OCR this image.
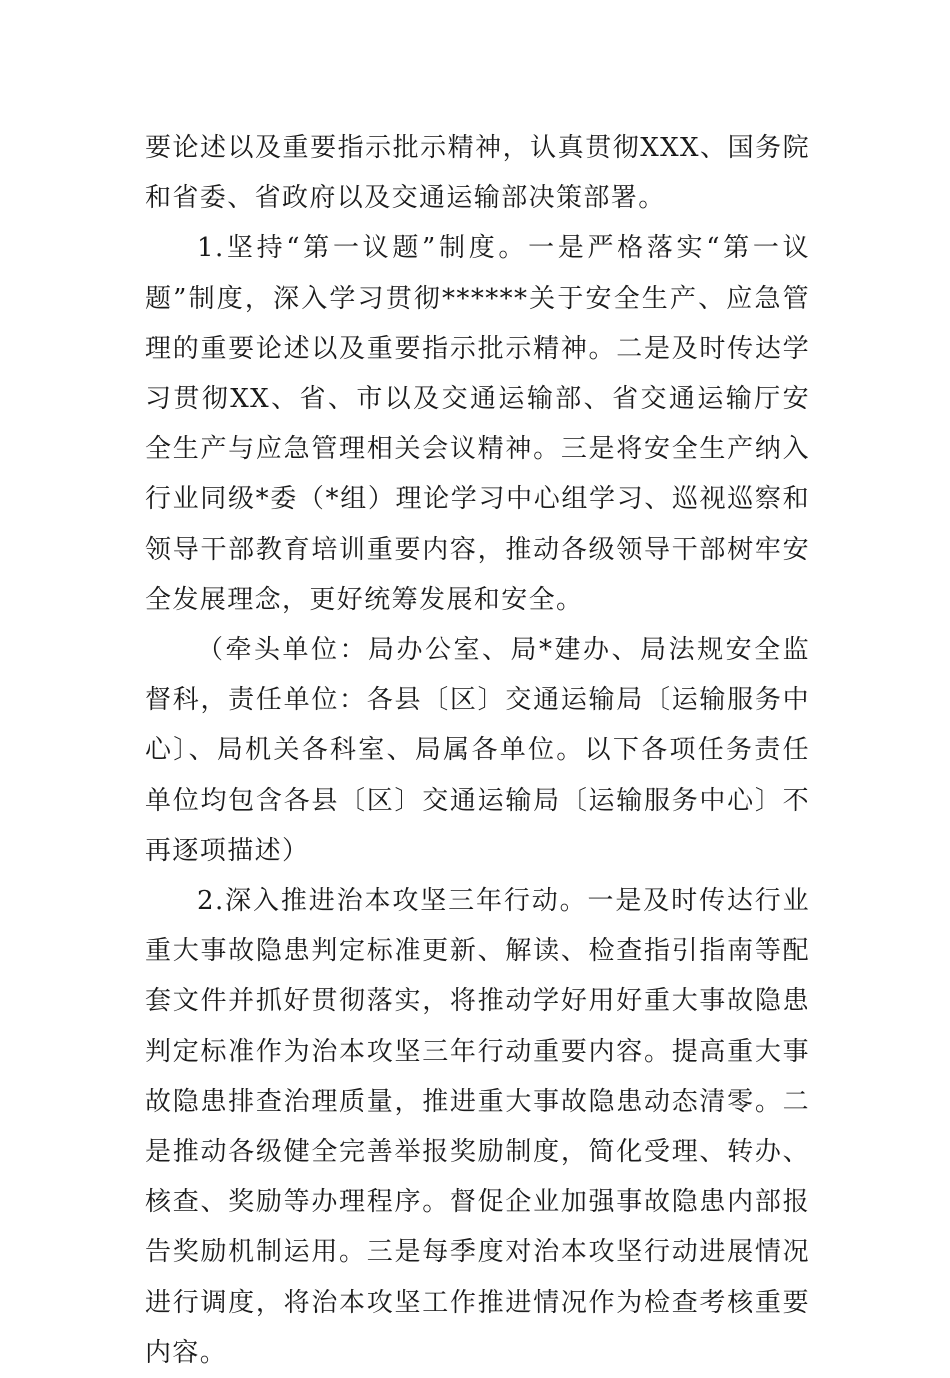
要论述以及重要指示批示精神，认真贯彻XXX、国务院和省委、省政府以及交通运输部决策部署。

1.坚持“第一议题”制度。一是严格落实“第一议题”制度，深入学习贯彻******关于安全生产、应急管理的重要论述以及重要指示批示精神。二是及时传达学习贯彻XX、省、市以及交通运输部、省交通运输厅安全生产与应急管理相关会议精神。三是将安全生产纳入行业同级*委（*组）理论学习中心组学习、巡视巡察和领导干部教育培训重要内容，推动各级领导干部树牢安全发展理念，更好统筹发展和安全。

（牵头单位：局办公室、局*建办、局法规安全监督科，责任单位：各县〔区〕交通运输局〔运输服务中心〕、局机关各科室、局属各单位。以下各项任务责任单位均包含各县〔区〕交通运输局〔运输服务中心〕不再逐项描述）

2.深入推进治本攻坚三年行动。一是及时传达行业重大事故隐患判定标准更新、解读、检查指引指南等配套文件并抓好贯彻落实，将推动学好用好重大事故隐患判定标准作为治本攻坚三年行动重要内容。提高重大事故隐患排查治理质量，推进重大事故隐患动态清零。二是推动各级健全完善举报奖励制度，简化受理、转办、核查、奖励等办理程序。督促企业加强事故隐患内部报告奖励机制运用。三是每季度对治本攻坚行动进展情况进行调度，将治本攻坚工作推进情况作为检查考核重要内容。
